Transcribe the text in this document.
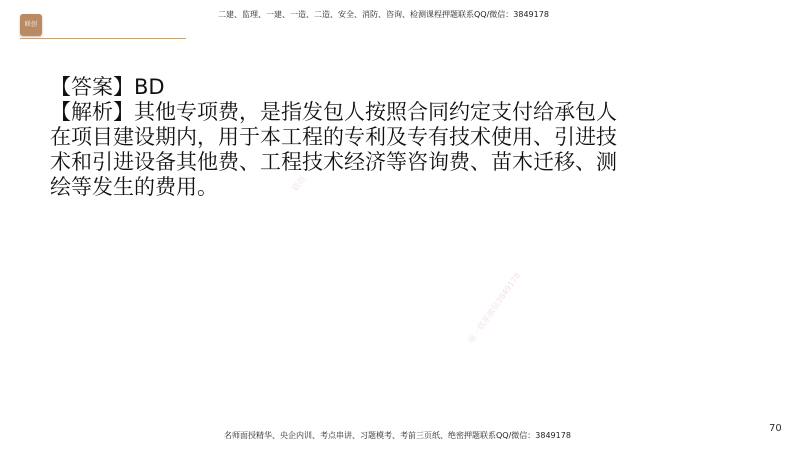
联创
二建、监理、一建、一造、二造、安全、消防、咨询、检测课程押题联系QQ/微信：3849178
【答案】BD
【解析】其他专项费，是指发包人按照合同约定支付给承包人
在项目建设期内，用于本工程的专利及专有技术使用、引进技
术和引进设备其他费、工程技术经济等咨询费、苗木迁移、测
绘等发生的费用。	联创
唯一联系微信3849178
名师面授精华、央企内训、考点串讲、习题模考、考前三页纸、绝密押题联系QQ/微信：3849178
70
